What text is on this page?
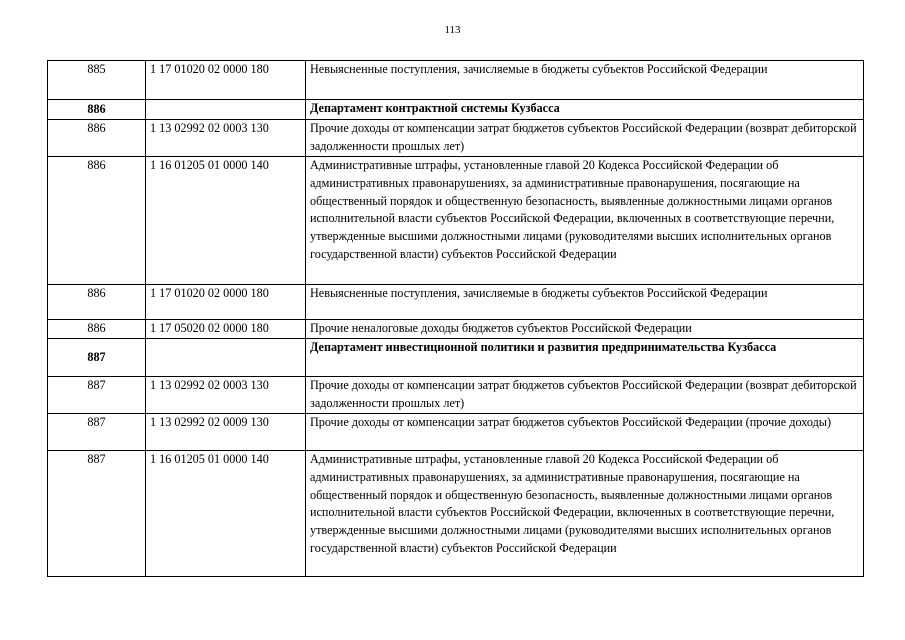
113
885	1 17 01020 02 0000 180	Невыясненные поступления, зачисляемые в бюджеты субъектов Российской Федерации
886		Департамент контрактной системы Кузбасса
886	1 13 02992 02 0003 130	Прочие доходы от компенсации затрат бюджетов субъектов Российской Федерации (возврат дебиторской задолженности прошлых лет)
886	1 16 01205 01 0000 140	Административные штрафы, установленные главой 20 Кодекса Российской Федерации об административных правонарушениях, за административные правонарушения, посягающие на общественный порядок и общественную безопасность, выявленные должностными лицами органов исполнительной власти субъектов Российской Федерации, включенных в соответствующие перечни, утвержденные высшими должностными лицами (руководителями высших исполнительных органов государственной власти) субъектов Российской Федерации
886	1 17 01020 02 0000 180	Невыясненные поступления, зачисляемые в бюджеты субъектов Российской Федерации
886	1 17 05020 02 0000 180	Прочие неналоговые доходы бюджетов субъектов Российской Федерации
887		Департамент инвестиционной политики и развития предпринимательства Кузбасса
887	1 13 02992 02 0003 130	Прочие доходы от компенсации затрат бюджетов субъектов Российской Федерации (возврат дебиторской задолженности прошлых лет)
887	1 13 02992 02 0009 130	Прочие доходы от компенсации затрат бюджетов субъектов Российской Федерации (прочие доходы)
887	1 16 01205 01 0000 140	Административные штрафы, установленные главой 20 Кодекса Российской Федерации об административных правонарушениях, за административные правонарушения, посягающие на общественный порядок и общественную безопасность, выявленные должностными лицами органов исполнительной власти субъектов Российской Федерации, включенных в соответствующие перечни, утвержденные высшими должностными лицами (руководителями высших исполнительных органов государственной власти) субъектов Российской Федерации
